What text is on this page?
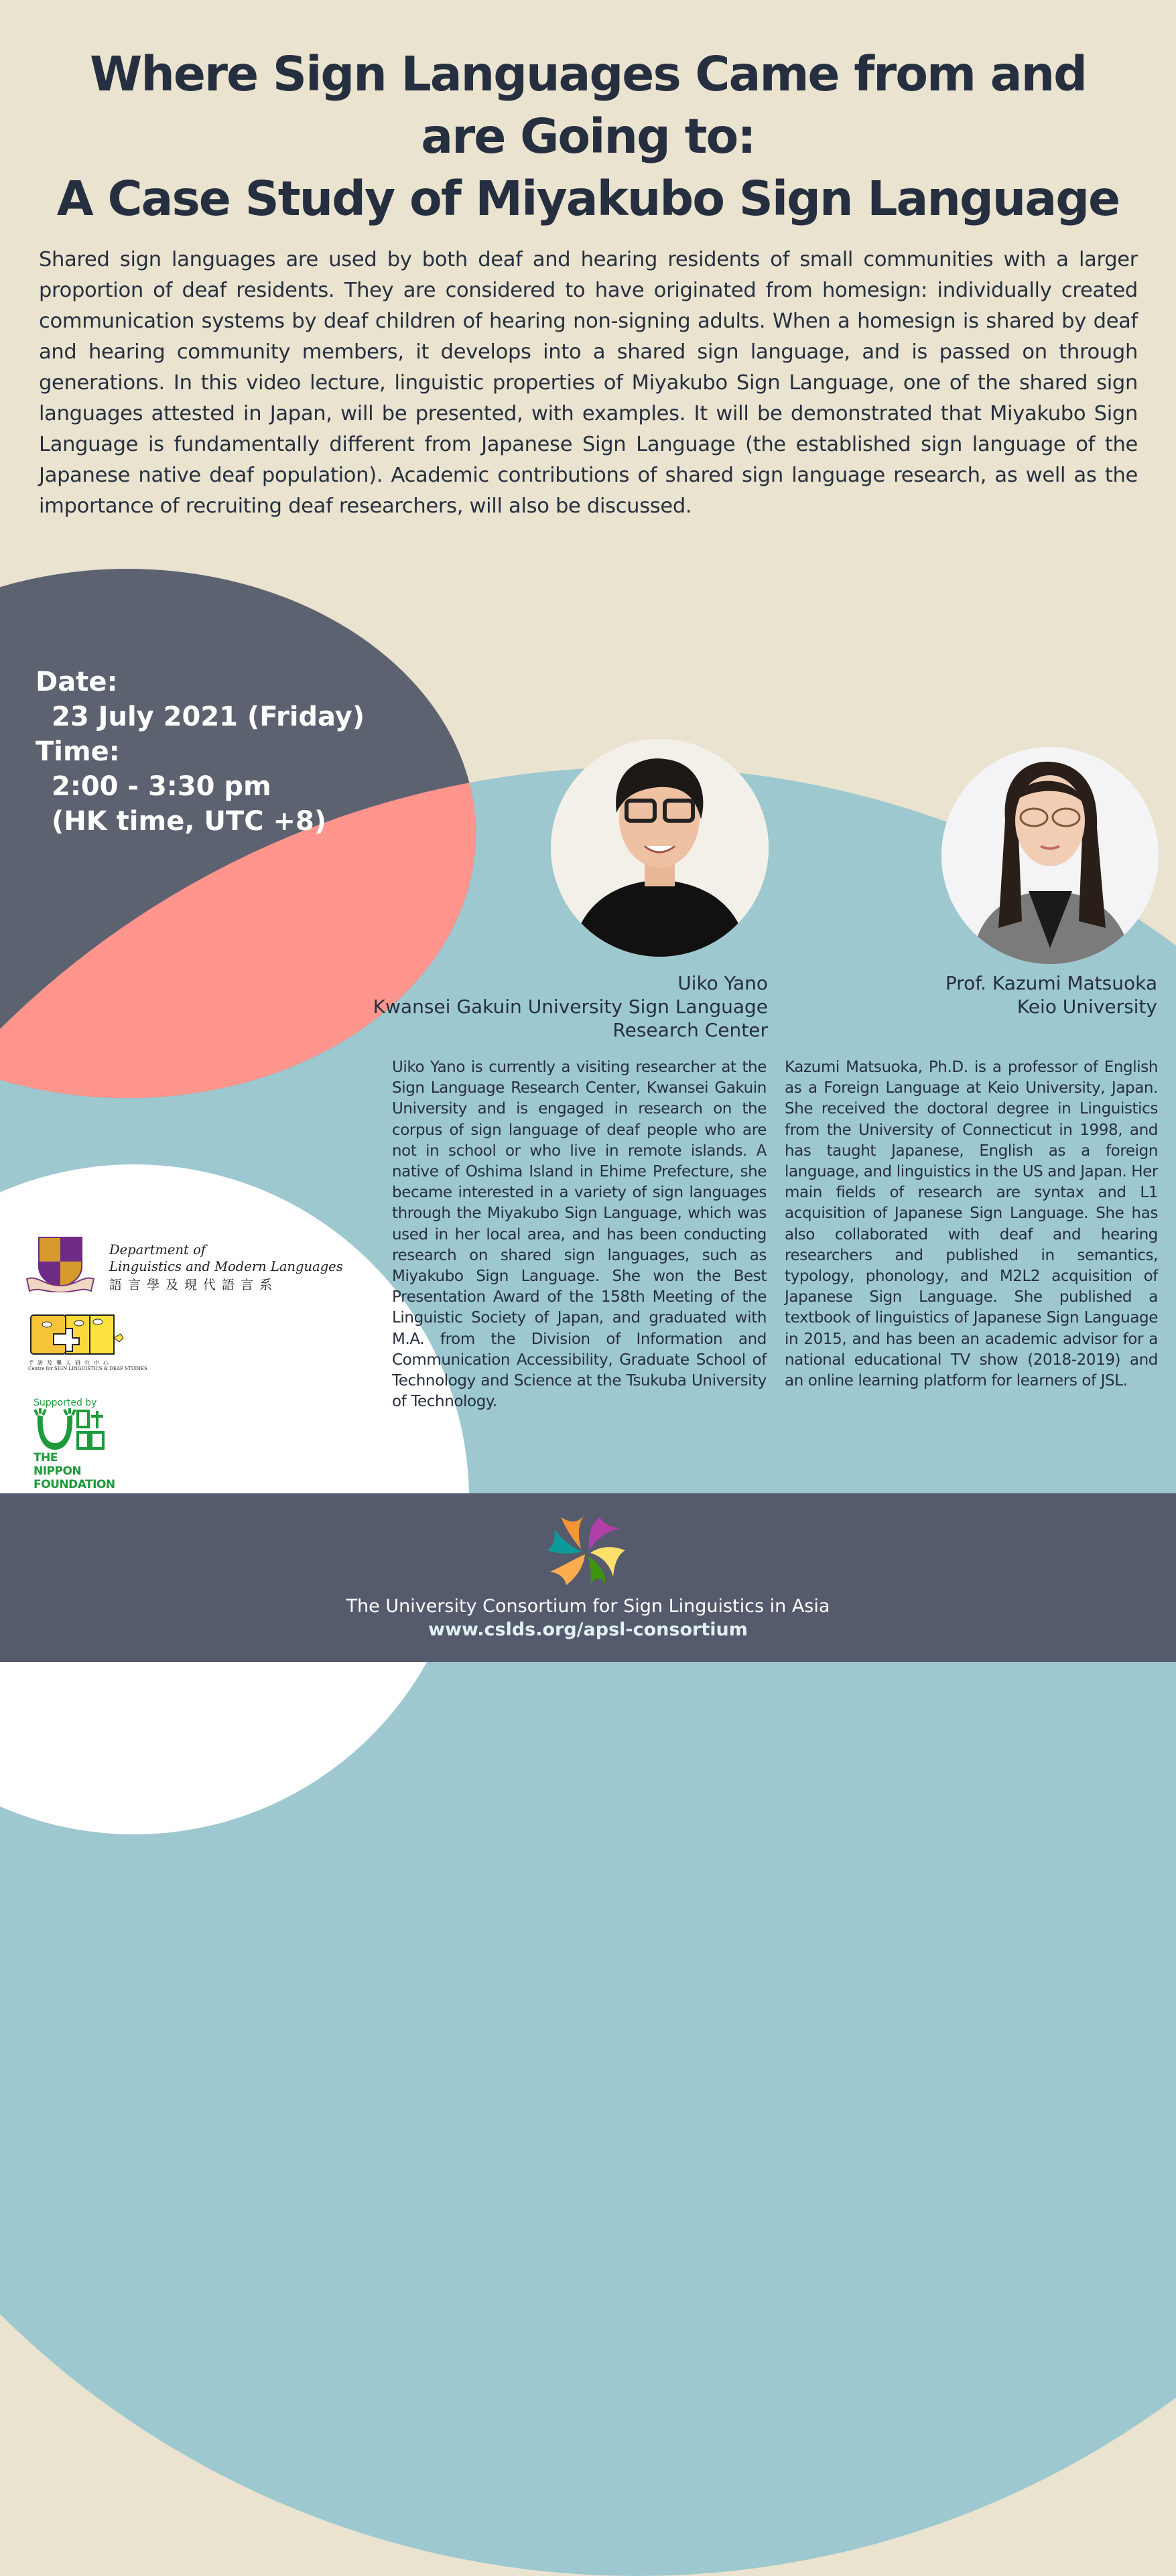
Where Sign Languages Came from and
are Going to:
A Case Study of Miyakubo Sign Language
Shared sign languages are used by both deaf and hearing residents of small communities with a larger proportion of deaf residents. They are considered to have originated from homesign: individually created communication systems by deaf children of hearing non-signing adults. When a homesign is shared by deaf and hearing community members, it develops into a shared sign language, and is passed on through generations. In this video lecture, linguistic properties of Miyakubo Sign Language, one of the shared sign languages attested in Japan, will be presented, with examples. It will be demonstrated that Miyakubo Sign Language is fundamentally different from Japanese Sign Language (the established sign language of the Japanese native deaf population). Academic contributions of shared sign language research, as well as the importance of recruiting deaf researchers, will also be discussed.
Date:
23 July 2021 (Friday)
Time:
2:00 - 3:30 pm
(HK time, UTC +8)
Uiko Yano
Kwansei Gakuin University Sign Language
Research Center
Prof. Kazumi Matsuoka
Keio University
Uiko Yano is currently a visiting researcher at the Sign Language Research Center, Kwansei Gakuin University and is engaged in research on the corpus of sign language of deaf people who are not in school or who live in remote islands. A native of Oshima Island in Ehime Prefecture, she became interested in a variety of sign languages through the Miyakubo Sign Language, which was used in her local area, and has been conducting research on shared sign languages, such as Miyakubo Sign Language. She won the Best Presentation Award of the 158th Meeting of the Linguistic Society of Japan, and graduated with M.A. from the Division of Information and Communication Accessibility, Graduate School of Technology and Science at the Tsukuba University of Technology.
Kazumi Matsuoka, Ph.D. is a professor of English as a Foreign Language at Keio University, Japan. She received the doctoral degree in Linguistics from the University of Connecticut in 1998, and has taught Japanese, English as a foreign language, and linguistics in the US and Japan. Her main fields of research are syntax and L1 acquisition of Japanese Sign Language. She has also collaborated with deaf and hearing researchers and published in semantics, typology, phonology, and M2L2 acquisition of Japanese Sign Language. She published a textbook of linguistics of Japanese Sign Language in 2015, and has been an academic advisor for a national educational TV show (2018-2019) and an online learning platform for learners of JSL.
Department of
Linguistics and Modern Languages
語言學及現代語言系
手語及聾人研究中心
Centre for SIGN LINGUISTICS & DEAF STUDIES
Supported by
THE NIPPON
FOUNDATION
The University Consortium for Sign Linguistics in Asia
www.cslds.org/apsl-consortium
